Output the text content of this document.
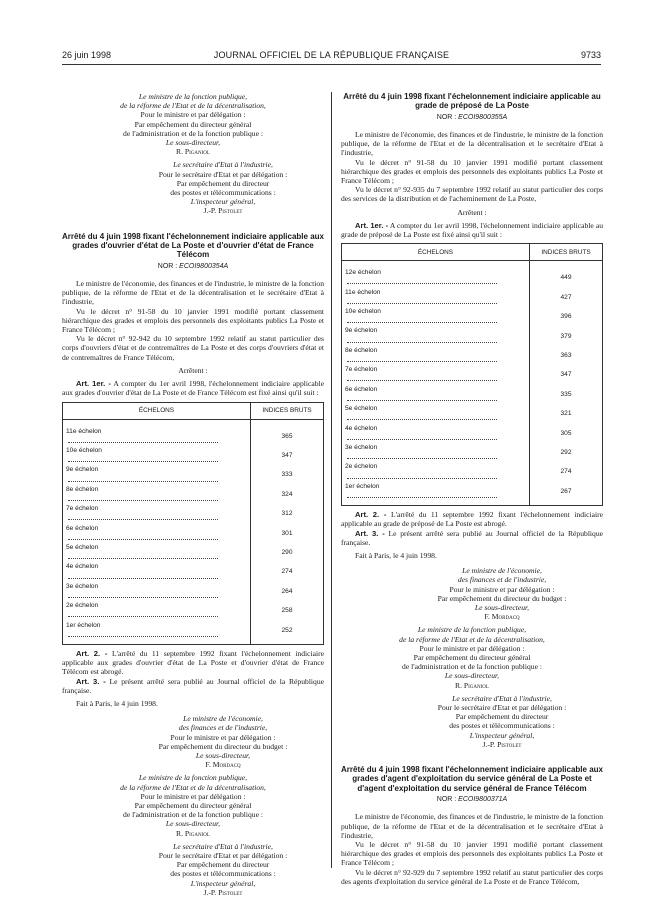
26 juin 1998	JOURNAL OFFICIEL DE LA RÉPUBLIQUE FRANÇAISE	9733
Le ministre de la fonction publique,
de la réforme de l'Etat et de la décentralisation,
Pour le ministre et par délégation :
Par empêchement du directeur général
de l'administration et de la fonction publique :
Le sous-directeur,
R. Piganiol
Le secrétaire d'Etat à l'industrie,
Pour le secrétaire d'Etat et par délégation :
Par empêchement du directeur
des postes et télécommunications :
L'inspecteur général,
J.-P. Pistolet
Arrêté du 4 juin 1998 fixant l'échelonnement indiciaire applicable aux grades d'ouvrier d'état de La Poste et d'ouvrier d'état de France Télécom
NOR : ECOI9800354A

Le ministre de l'économie, des finances et de l'industrie, le ministre de la fonction publique, de la réforme de l'Etat et de la décentralisation et le secrétaire d'Etat à l'industrie,

Vu le décret n° 91-58 du 10 janvier 1991 modifié portant classement hiérarchique des grades et emplois des personnels des exploitants publics La Poste et France Télécom ;

Vu le décret n° 92-942 du 10 septembre 1992 relatif au statut particulier des corps d'ouvriers d'état et de contremaîtres de La Poste et des corps d'ouvriers d'état et de contremaîtres de France Télécom,

Arrêtent :
Art. 1er. - A compter du 1er avril 1998, l'échelonnement indiciaire applicable aux grades d'ouvrier d'état de La Poste et de France Télécom est fixé ainsi qu'il suit :
ÉCHELONS	INDICES BRUTS
11e échelon	365
10e échelon	347
9e échelon	333
8e échelon	324
7e échelon	312
6e échelon	301
5e échelon	290
4e échelon	274
3e échelon	264
2e échelon	258
1er échelon	252
Art. 2. - L'arrêté du 11 septembre 1992 fixant l'échelonnement indiciaire applicable aux grades d'ouvrier d'état de La Poste et d'ouvrier d'état de France Télécom est abrogé.
Art. 3. - Le présent arrêté sera publié au Journal officiel de la République française.

Fait à Paris, le 4 juin 1998.

Le ministre de l'économie,
des finances et de l'industrie,
Pour le ministre et par délégation :
Par empêchement du directeur du budget :
Le sous-directeur,
F. Mordacq
Le ministre de la fonction publique,
de la réforme de l'Etat et de la décentralisation,
Pour le ministre et par délégation :
Par empêchement du directeur général
de l'administration et de la fonction publique :
Le sous-directeur,
R. Piganiol
Le secrétaire d'Etat à l'industrie,
Pour le secrétaire d'Etat et par délégation :
Par empêchement du directeur
des postes et télécommunications :
L'inspecteur général,
J.-P. Pistolet
Arrêté du 4 juin 1998 fixant l'échelonnement indiciaire applicable au grade de préposé de La Poste
NOR : ECOI9800355A

Le ministre de l'économie, des finances et de l'industrie, le ministre de la fonction publique, de la réforme de l'Etat et de la décentralisation et le secrétaire d'Etat à l'industrie,

Vu le décret n° 91-58 du 10 janvier 1991 modifié portant classement hiérarchique des grades et emplois des personnels des exploitants publics La Poste et France Télécom ;

Vu le décret n° 92-935 du 7 septembre 1992 relatif au statut particulier des corps des services de la distribution et de l'acheminement de La Poste,

Arrêtent :
Art. 1er. - A compter du 1er avril 1998, l'échelonnement indiciaire applicable au grade de préposé de La Poste est fixé ainsi qu'il suit :
ÉCHELONS	INDICES BRUTS
12e échelon	449
11e échelon	427
10e échelon	396
9e échelon	379
8e échelon	363
7e échelon	347
6e échelon	335
5e échelon	321
4e échelon	305
3e échelon	292
2e échelon	274
1er échelon	267
Art. 2. - L'arrêté du 11 septembre 1992 fixant l'échelonnement indiciaire applicable au grade de préposé de La Poste est abrogé.
Art. 3. - Le présent arrêté sera publié au Journal officiel de la République française.

Fait à Paris, le 4 juin 1998.

Le ministre de l'économie,
des finances et de l'industrie,
Pour le ministre et par délégation :
Par empêchement du directeur du budget :
Le sous-directeur,
F. Mordacq
Le ministre de la fonction publique,
de la réforme de l'Etat et de la décentralisation,
Pour le ministre et par délégation :
Par empêchement du directeur général
de l'administration et de la fonction publique :
Le sous-directeur,
R. Piganiol
Le secrétaire d'Etat à l'industrie,
Pour le secrétaire d'Etat et par délégation :
Par empêchement du directeur
des postes et télécommunications :
L'inspecteur général,
J.-P. Pistolet
Arrêté du 4 juin 1998 fixant l'échelonnement indiciaire applicable aux grades d'agent d'exploitation du service général de La Poste et d'agent d'exploitation du service général de France Télécom
NOR : ECOI9800371A

Le ministre de l'économie, des finances et de l'industrie, le ministre de la fonction publique, de la réforme de l'Etat et de la décentralisation et le secrétaire d'Etat à l'industrie,

Vu le décret n° 91-58 du 10 janvier 1991 modifié portant classement hiérarchique des grades et emplois des personnels des exploitants publics La Poste et France Télécom ;

Vu le décret n° 92-929 du 7 septembre 1992 relatif au statut particulier des corps des agents d'exploitation du service général de La Poste et de France Télécom,
